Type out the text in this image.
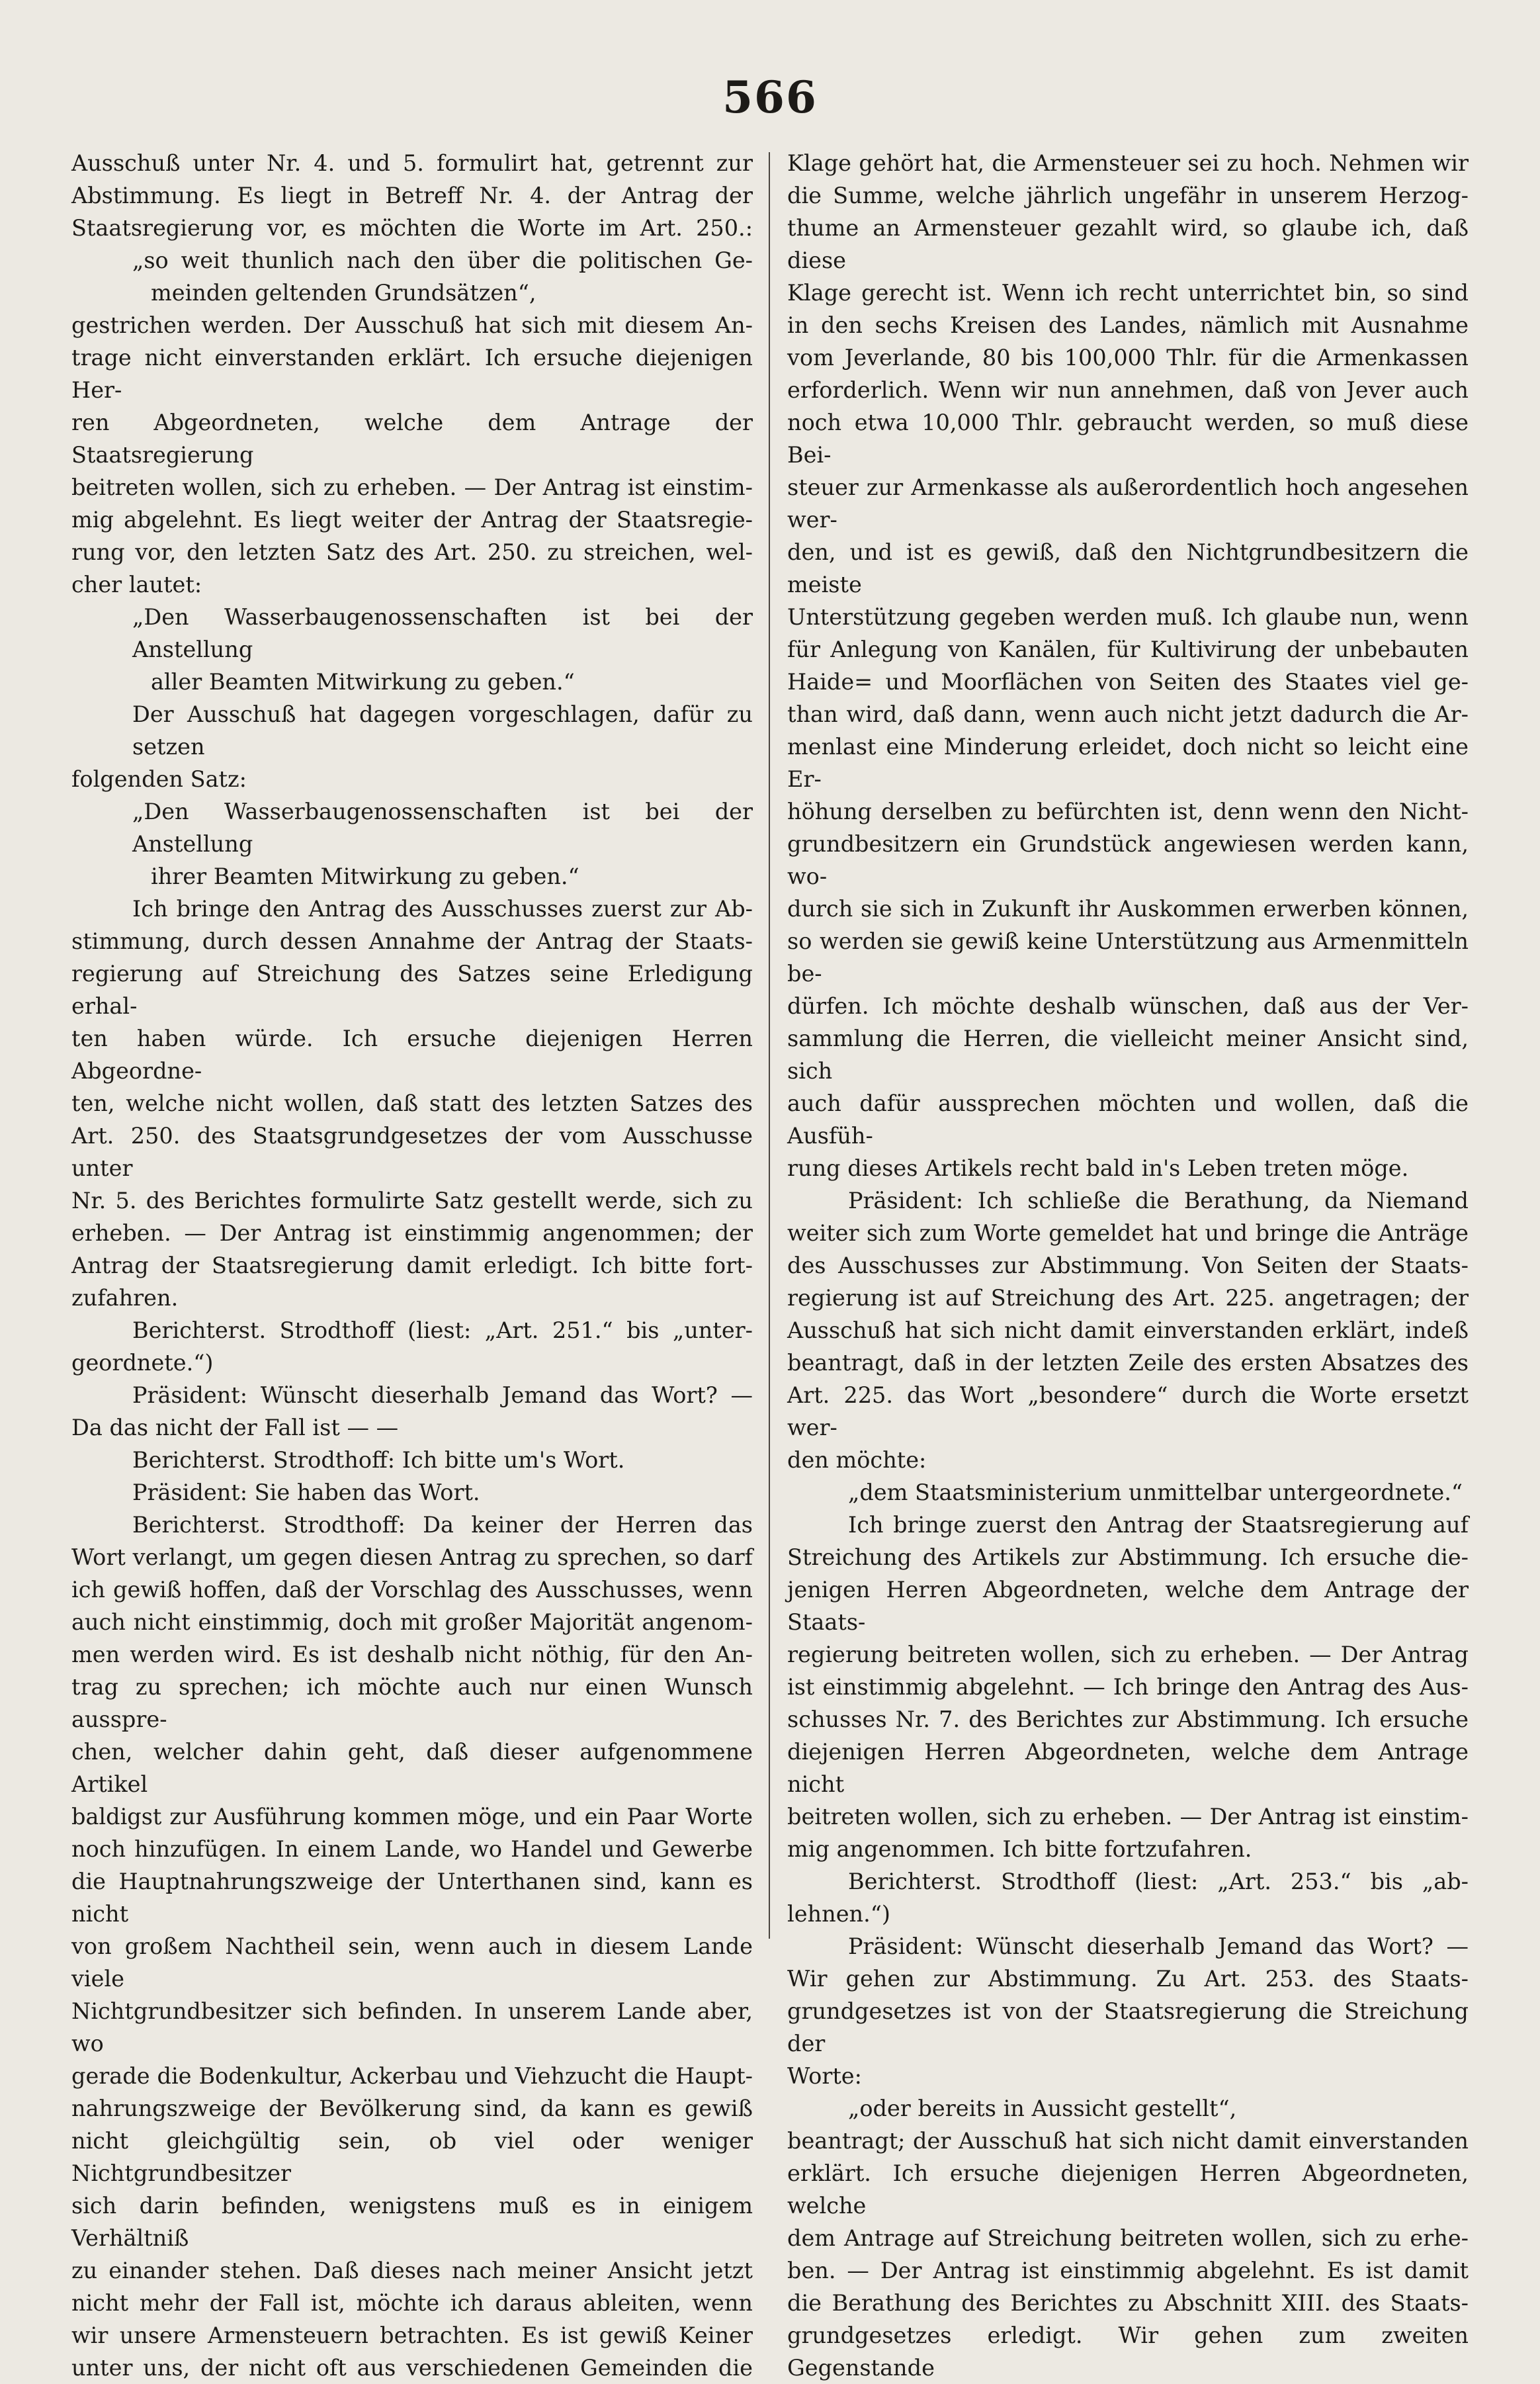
566

Ausschuß unter Nr. 4. und 5. formulirt hat, getrennt zur

Abstimmung. Es liegt in Betreff Nr. 4. der Antrag der

Staatsregierung vor, es möchten die Worte im Art. 250.:

„so weit thunlich nach den über die politischen Ge-

meinden geltenden Grundsätzen“,

gestrichen werden. Der Ausschuß hat sich mit diesem An-

trage nicht einverstanden erklärt. Ich ersuche diejenigen Her-

ren Abgeordneten, welche dem Antrage der Staatsregierung

beitreten wollen, sich zu erheben. — Der Antrag ist einstim-

mig abgelehnt. Es liegt weiter der Antrag der Staatsregie-

rung vor, den letzten Satz des Art. 250. zu streichen, wel-

cher lautet:

„Den Wasserbaugenossenschaften ist bei der Anstellung

aller Beamten Mitwirkung zu geben.“

Der Ausschuß hat dagegen vorgeschlagen, dafür zu setzen

folgenden Satz:

„Den Wasserbaugenossenschaften ist bei der Anstellung

ihrer Beamten Mitwirkung zu geben.“

Ich bringe den Antrag des Ausschusses zuerst zur Ab-

stimmung, durch dessen Annahme der Antrag der Staats-

regierung auf Streichung des Satzes seine Erledigung erhal-

ten haben würde. Ich ersuche diejenigen Herren Abgeordne-

ten, welche nicht wollen, daß statt des letzten Satzes des

Art. 250. des Staatsgrundgesetzes der vom Ausschusse unter

Nr. 5. des Berichtes formulirte Satz gestellt werde, sich zu

erheben. — Der Antrag ist einstimmig angenommen; der

Antrag der Staatsregierung damit erledigt. Ich bitte fort-

zufahren.

Berichterst. Strodthoff (liest: „Art. 251.“ bis „unter-

geordnete.“)

Präsident: Wünscht dieserhalb Jemand das Wort? —

Da das nicht der Fall ist — —

Berichterst. Strodthoff: Ich bitte um's Wort.

Präsident: Sie haben das Wort.

Berichterst. Strodthoff: Da keiner der Herren das

Wort verlangt, um gegen diesen Antrag zu sprechen, so darf

ich gewiß hoffen, daß der Vorschlag des Ausschusses, wenn

auch nicht einstimmig, doch mit großer Majorität angenom-

men werden wird. Es ist deshalb nicht nöthig, für den An-

trag zu sprechen; ich möchte auch nur einen Wunsch ausspre-

chen, welcher dahin geht, daß dieser aufgenommene Artikel

baldigst zur Ausführung kommen möge, und ein Paar Worte

noch hinzufügen. In einem Lande, wo Handel und Gewerbe

die Hauptnahrungszweige der Unterthanen sind, kann es nicht

von großem Nachtheil sein, wenn auch in diesem Lande viele

Nichtgrundbesitzer sich befinden. In unserem Lande aber, wo

gerade die Bodenkultur, Ackerbau und Viehzucht die Haupt-

nahrungszweige der Bevölkerung sind, da kann es gewiß

nicht gleichgültig sein, ob viel oder weniger Nichtgrundbesitzer

sich darin befinden, wenigstens muß es in einigem Verhältniß

zu einander stehen. Daß dieses nach meiner Ansicht jetzt

nicht mehr der Fall ist, möchte ich daraus ableiten, wenn

wir unsere Armensteuern betrachten. Es ist gewiß Keiner

unter uns, der nicht oft aus verschiedenen Gemeinden die

Klage gehört hat, die Armensteuer sei zu hoch. Nehmen wir

die Summe, welche jährlich ungefähr in unserem Herzog-

thume an Armensteuer gezahlt wird, so glaube ich, daß diese

Klage gerecht ist. Wenn ich recht unterrichtet bin, so sind

in den sechs Kreisen des Landes, nämlich mit Ausnahme

vom Jeverlande, 80 bis 100,000 Thlr. für die Armenkassen

erforderlich. Wenn wir nun annehmen, daß von Jever auch

noch etwa 10,000 Thlr. gebraucht werden, so muß diese Bei-

steuer zur Armenkasse als außerordentlich hoch angesehen wer-

den, und ist es gewiß, daß den Nichtgrundbesitzern die meiste

Unterstützung gegeben werden muß. Ich glaube nun, wenn

für Anlegung von Kanälen, für Kultivirung der unbebauten

Haide= und Moorflächen von Seiten des Staates viel ge-

than wird, daß dann, wenn auch nicht jetzt dadurch die Ar-

menlast eine Minderung erleidet, doch nicht so leicht eine Er-

höhung derselben zu befürchten ist, denn wenn den Nicht-

grundbesitzern ein Grundstück angewiesen werden kann, wo-

durch sie sich in Zukunft ihr Auskommen erwerben können,

so werden sie gewiß keine Unterstützung aus Armenmitteln be-

dürfen. Ich möchte deshalb wünschen, daß aus der Ver-

sammlung die Herren, die vielleicht meiner Ansicht sind, sich

auch dafür aussprechen möchten und wollen, daß die Ausfüh-

rung dieses Artikels recht bald in's Leben treten möge.

Präsident: Ich schließe die Berathung, da Niemand

weiter sich zum Worte gemeldet hat und bringe die Anträge

des Ausschusses zur Abstimmung. Von Seiten der Staats-

regierung ist auf Streichung des Art. 225. angetragen; der

Ausschuß hat sich nicht damit einverstanden erklärt, indeß

beantragt, daß in der letzten Zeile des ersten Absatzes des

Art. 225. das Wort „besondere“ durch die Worte ersetzt wer-

den möchte:

„dem Staatsministerium unmittelbar untergeordnete.“

Ich bringe zuerst den Antrag der Staatsregierung auf

Streichung des Artikels zur Abstimmung. Ich ersuche die-

jenigen Herren Abgeordneten, welche dem Antrage der Staats-

regierung beitreten wollen, sich zu erheben. — Der Antrag

ist einstimmig abgelehnt. — Ich bringe den Antrag des Aus-

schusses Nr. 7. des Berichtes zur Abstimmung. Ich ersuche

diejenigen Herren Abgeordneten, welche dem Antrage nicht

beitreten wollen, sich zu erheben. — Der Antrag ist einstim-

mig angenommen. Ich bitte fortzufahren.

Berichterst. Strodthoff (liest: „Art. 253.“ bis „ab-

lehnen.“)

Präsident: Wünscht dieserhalb Jemand das Wort? —

Wir gehen zur Abstimmung. Zu Art. 253. des Staats-

grundgesetzes ist von der Staatsregierung die Streichung der

Worte:

„oder bereits in Aussicht gestellt“,

beantragt; der Ausschuß hat sich nicht damit einverstanden

erklärt. Ich ersuche diejenigen Herren Abgeordneten, welche

dem Antrage auf Streichung beitreten wollen, sich zu erhe-

ben. — Der Antrag ist einstimmig abgelehnt. Es ist damit

die Berathung des Berichtes zu Abschnitt XIII. des Staats-

grundgesetzes erledigt. Wir gehen zum zweiten Gegenstande
